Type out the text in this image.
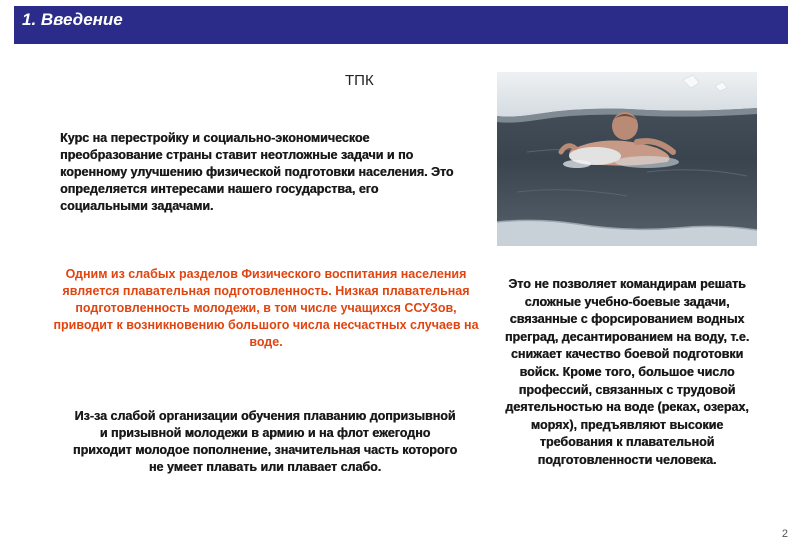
1. Введение
ТПК
Курс на перестройку и социально-экономическое преобразование страны ставит неотложные задачи и по коренному улучшению физической подготовки населения. Это определяется интересами нашего государства, его социальными задачами.
Одним из слабых разделов Физического воспитания населения является плавательная подготовленность. Низкая плавательная подготовленность молодежи, в том числе учащихся ССУЗов, приводит к возникновению большого числа несчастных случаев на воде.
Из-за слабой организации обучения плаванию допризывной и призывной молодежи в армию и на флот ежегодно приходит молодое пополнение, значительная часть которого не умеет плавать или плавает слабо.
Это не позволяет командирам решать сложные учебно-боевые задачи, связанные с форсированием водных преград, десантированием на воду, т.е. снижает качество боевой подготовки войск. Кроме того, большое число профессий, связанных с трудовой деятельностью на воде (реках, озерах, морях), предъявляют высокие требования к плавательной подготовленности человека.
2
